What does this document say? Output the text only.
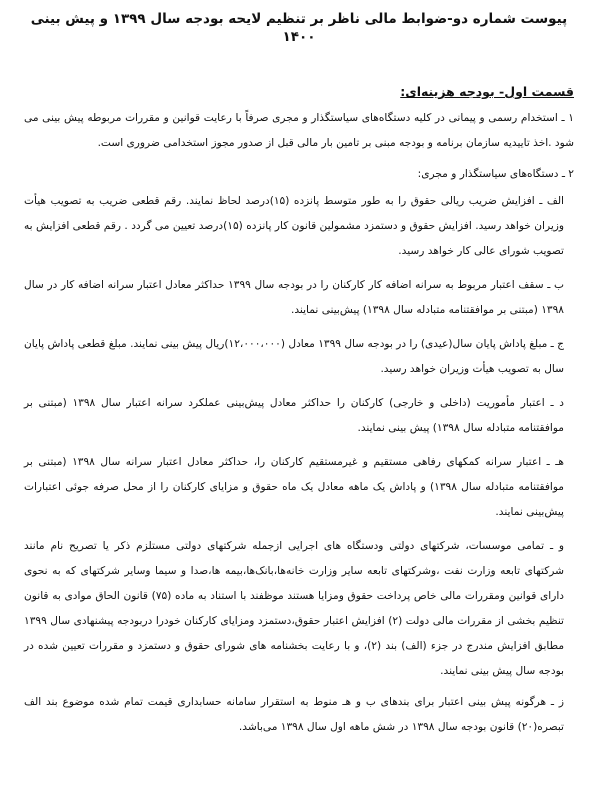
پیوست شماره دو-ضوابط مالی ناظر بر تنظیم لایحه بودجه سال ۱۳۹۹ و پیش بینی ۱۴۰۰
قسمت اول- بودجه هزینه‌ای:

۱ ـ استخدام رسمی و پیمانی در کلیه دستگاه‌های سیاستگذار و مجری صرفاً با رعایت قوانین و مقررات مربوطه پیش بینی می شود .اخذ تاییدیه سازمان برنامه و بودجه مبنی بر تامین بار مالی قبل از صدور مجوز استخدامی ضروری است.

۲ ـ دستگاه‌های سیاستگذار و مجری:

الف ـ افزایش ضریب ریالی حقوق را به طور متوسط پانزده (۱۵)درصد لحاظ نمایند. رقم قطعی ضریب به تصویب هیأت وزیران خواهد رسید. افزایش حقوق و دستمزد مشمولین قانون کار پانزده (۱۵)درصد تعیین می گردد . رقم قطعی افزایش به تصویب شورای عالی کار خواهد رسید.

ب ـ سقف اعتبار مربوط به سرانه اضافه کار کارکنان را در بودجه سال ۱۳۹۹ حداکثر معادل اعتبار سرانه اضافه کار در سال ۱۳۹۸ (مبتنی بر موافقتنامه متبادله سال ۱۳۹۸) پیش‌بینی نمایند.

ج ـ مبلغ پاداش پایان سال(عیدی) را در بودجه سال ۱۳۹۹ معادل (۱۲،۰۰۰،۰۰۰)ریال پیش بینی نمایند. مبلغ قطعی پاداش پایان سال به تصویب هیأت وزیران خواهد رسید.

د ـ اعتبار مأموریت (داخلی و خارجی) کارکنان را حداکثر معادل پیش‌بینی عملکرد سرانه اعتبار سال ۱۳۹۸ (مبتنی بر موافقتنامه متبادله سال ۱۳۹۸) پیش بینی نمایند.

هـ ـ اعتبار سرانه کمکهای رفاهی مستقیم و غیرمستقیم کارکنان را، حداکثر معادل اعتبار سرانه سال ۱۳۹۸ (مبتنی بر موافقتنامه متبادله سال ۱۳۹۸) و پاداش یک ماهه معادل یک ماه حقوق و مزایای کارکنان را از محل صرفه جوئی اعتبارات پیش‌بینی نمایند.

و ـ تمامی موسسات، شرکتهای دولتی ودستگاه های اجرایی ازجمله شرکتهای دولتی مستلزم ذکر یا تصریح نام مانند شرکتهای تابعه وزارت نفت ،وشرکتهای تابعه سایر وزارت خانه‌ها،بانک‌ها،بیمه ها،صدا و سیما وسایر شرکتهای که به نحوی دارای قوانین ومقررات مالی خاص پرداخت حقوق ومزایا هستند موظفند با استناد به ماده (۷۵) قانون الحاق موادی به قانون تنظیم بخشی از مقررات مالی دولت (۲) افزایش اعتبار حقوق،دستمزد ومزایای کارکنان خودرا دربودجه پیشنهادی سال ۱۳۹۹ مطابق افزایش مندرج در جزء (الف) بند (۲)، و با رعایت بخشنامه های شورای حقوق و دستمزد و مقررات تعیین شده در بودجه سال پیش بینی نمایند.

ز ـ هرگونه پیش بینی اعتبار برای بندهای ب و هـ منوط به استقرار سامانه حسابداری قیمت تمام شده موضوع بند الف تبصره(۲۰) قانون بودجه سال ۱۳۹۸ در شش ماهه اول سال ۱۳۹۸ می‌باشد.
